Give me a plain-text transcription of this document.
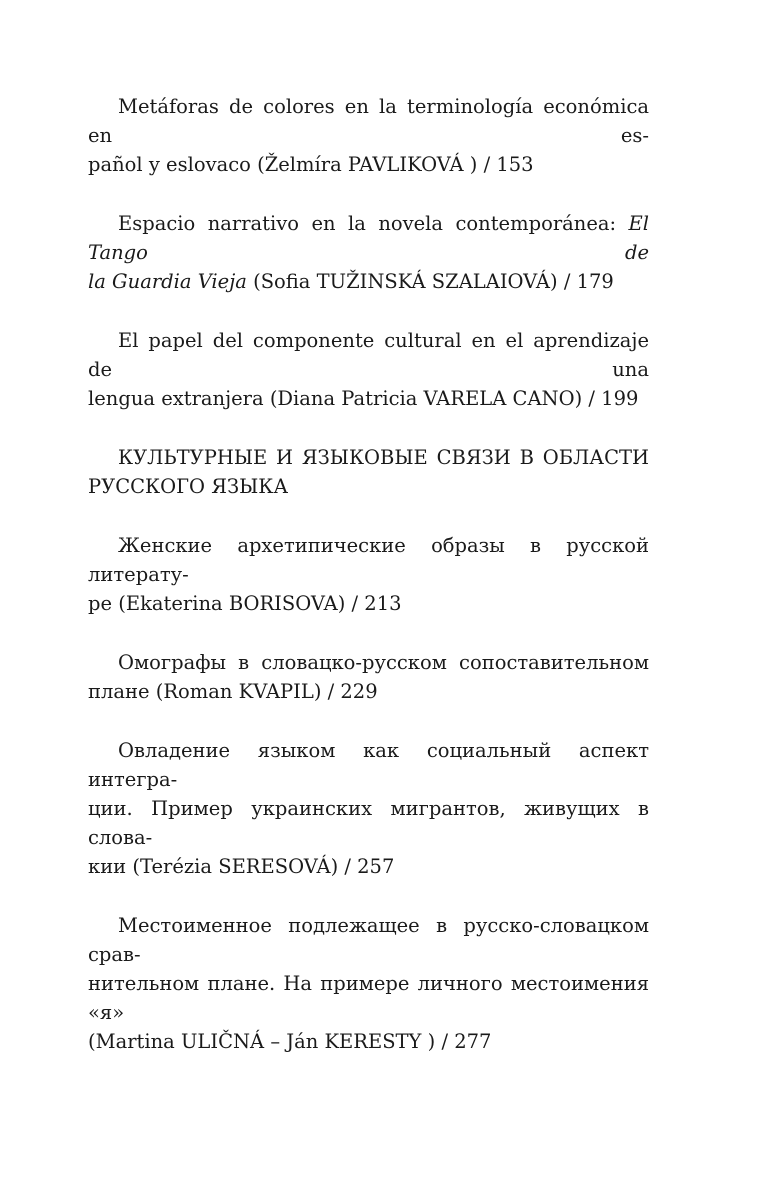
Metáforas de colores en la terminología económica en es-
pañol y eslovaco (Želmíra PAVLIKOVÁ ) / 153
Espacio narrativo en la novela contemporánea: El Tango de
la Guardia Vieja (Sofia TUŽINSKÁ SZALAIOVÁ) / 179
El papel del componente cultural en el aprendizaje de una
lengua extranjera (Diana Patricia VARELA CANO) / 199
КУЛЬТУРНЫЕ И ЯЗЫКОВЫЕ СВЯЗИ В ОБЛАСТИ
РУССКОГО ЯЗЫКА
Женские архетипические образы в русской литерату-
ре (Ekaterina BORISOVA) / 213
Омографы в словацко-русском сопоставительном
плане (Roman KVAPIL) / 229
Овладение языком как социальный аспект интегра-
ции. Пример украинских мигрантов, живущих в слова-
кии (Terézia SERESOVÁ) / 257
Местоименное подлежащее в русско-словацком срав-
нительном плане. На примере личного местоимения «я»
(Martina ULIČNÁ – Ján KERESTY ) / 277
